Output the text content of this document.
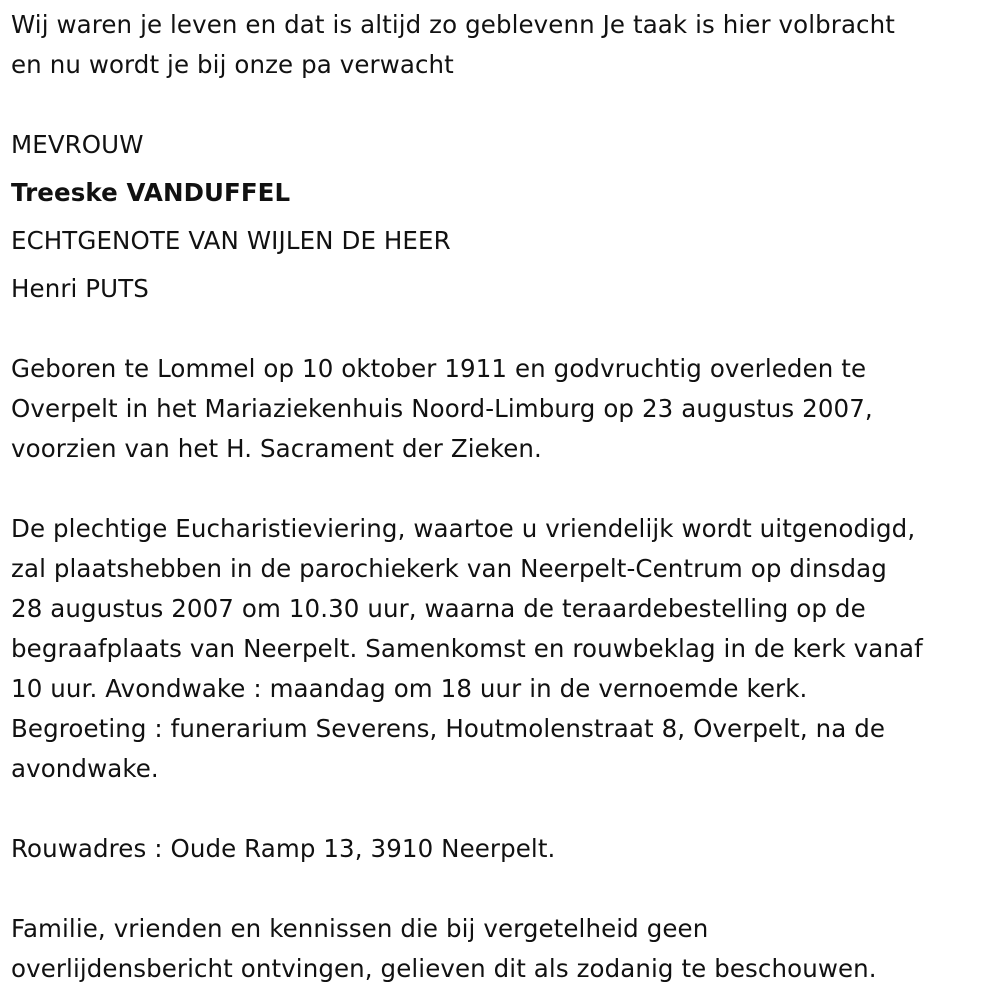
Wij waren je leven en dat is altijd zo geblevenn Je taak is hier volbracht

en nu wordt je bij onze pa verwacht

MEVROUW

Treeske VANDUFFEL

ECHTGENOTE VAN WIJLEN DE HEER

Henri PUTS

Geboren te Lommel op 10 oktober 1911 en godvruchtig overleden te

Overpelt in het Mariaziekenhuis Noord-Limburg op 23 augustus 2007,

voorzien van het H. Sacrament der Zieken.

De plechtige Eucharistieviering, waartoe u vriendelijk wordt uitgenodigd,

zal plaatshebben in de parochiekerk van Neerpelt-Centrum op dinsdag

28 augustus 2007 om 10.30 uur, waarna de teraardebestelling op de

begraafplaats van Neerpelt. Samenkomst en rouwbeklag in de kerk vanaf

10 uur. Avondwake : maandag om 18 uur in de vernoemde kerk.

Begroeting : funerarium Severens, Houtmolenstraat 8, Overpelt, na de

avondwake.

Rouwadres : Oude Ramp 13, 3910 Neerpelt.

Familie, vrienden en kennissen die bij vergetelheid geen

overlijdensbericht ontvingen, gelieven dit als zodanig te beschouwen.
